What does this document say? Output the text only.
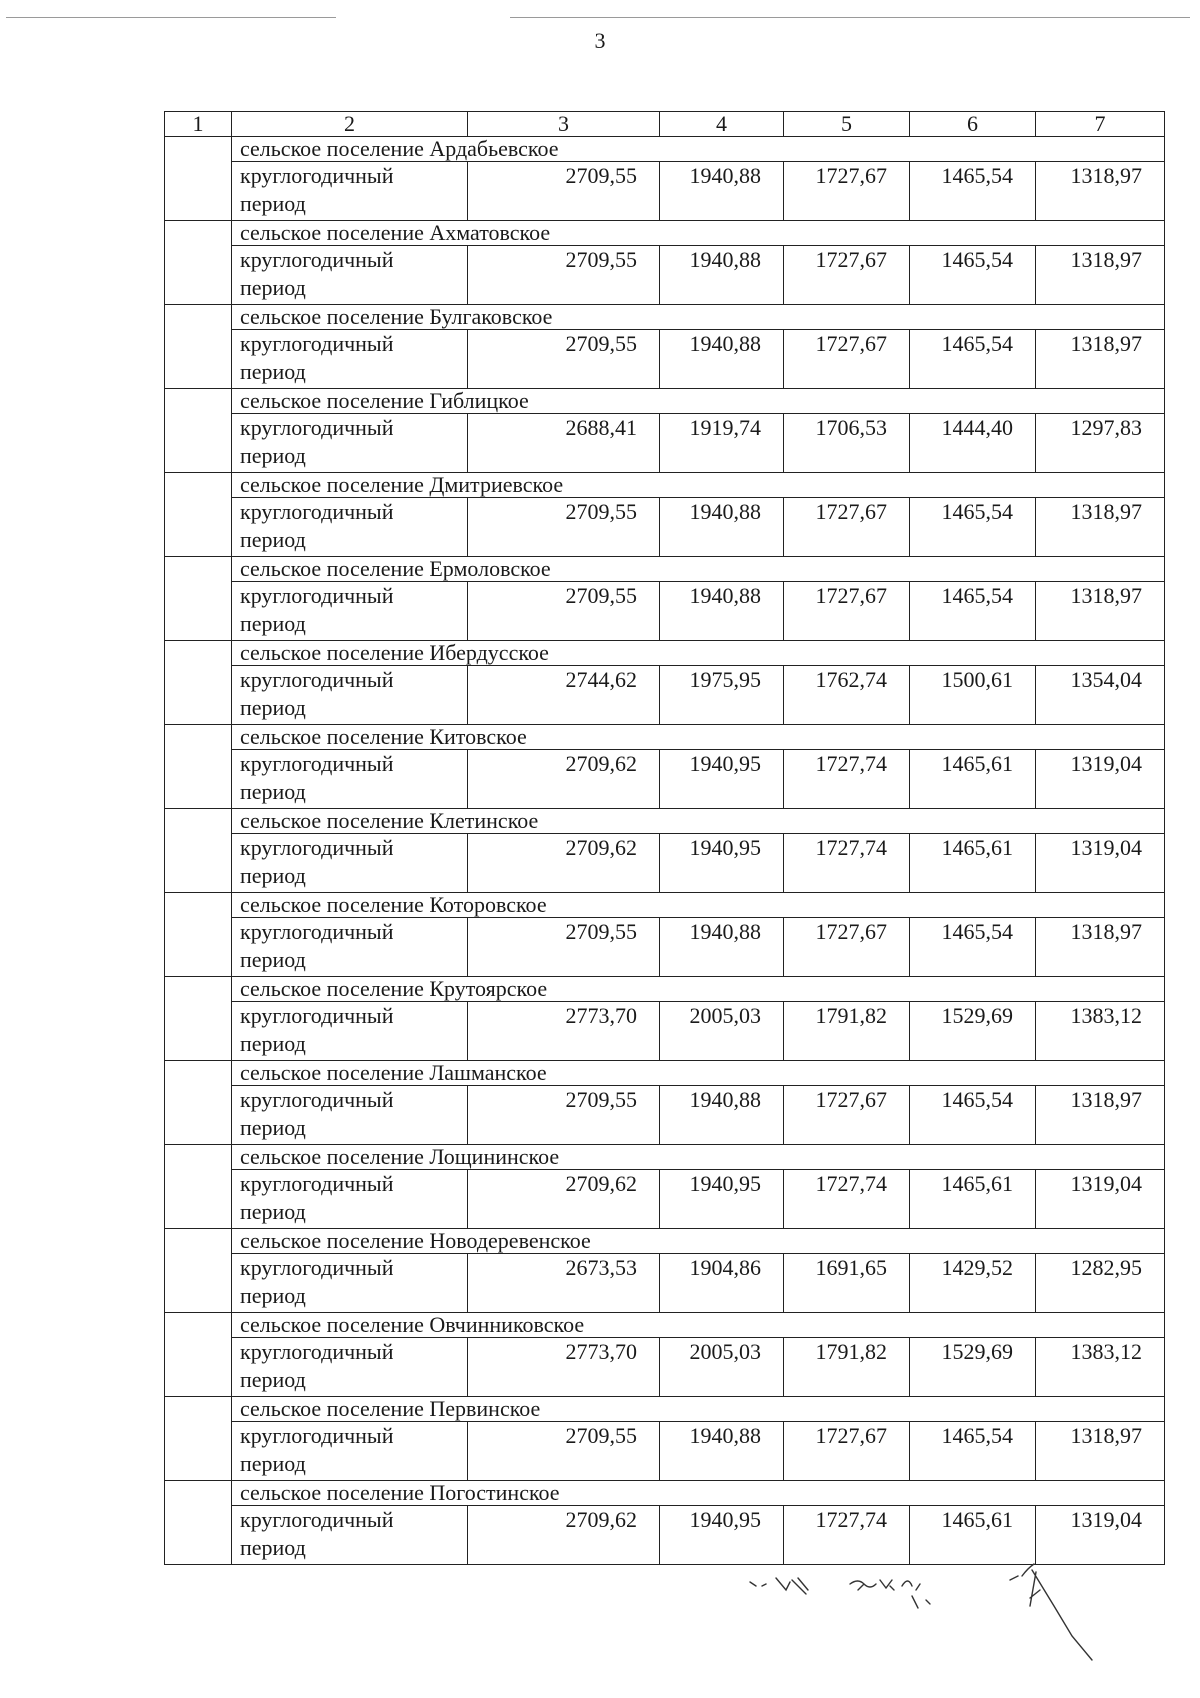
3
1	2	3	4	5	6	7
	сельское поселение Ардабьевское					

	круглогодичный
период	2709,55	1940,88	1727,67	1465,54	1318,97
	сельское поселение Ахматовское					

	круглогодичный
период	2709,55	1940,88	1727,67	1465,54	1318,97
	сельское поселение Булгаковское					

	круглогодичный
период	2709,55	1940,88	1727,67	1465,54	1318,97
	сельское поселение Гиблицкое					

	круглогодичный
период	2688,41	1919,74	1706,53	1444,40	1297,83
	сельское поселение Дмитриевское					

	круглогодичный
период	2709,55	1940,88	1727,67	1465,54	1318,97
	сельское поселение Ермоловское					

	круглогодичный
период	2709,55	1940,88	1727,67	1465,54	1318,97
	сельское поселение Ибердусское					

	круглогодичный
период	2744,62	1975,95	1762,74	1500,61	1354,04
	сельское поселение Китовское					

	круглогодичный
период	2709,62	1940,95	1727,74	1465,61	1319,04
	сельское поселение Клетинское					

	круглогодичный
период	2709,62	1940,95	1727,74	1465,61	1319,04
	сельское поселение Которовское					

	круглогодичный
период	2709,55	1940,88	1727,67	1465,54	1318,97
	сельское поселение Крутоярское					

	круглогодичный
период	2773,70	2005,03	1791,82	1529,69	1383,12
	сельское поселение Лашманское					

	круглогодичный
период	2709,55	1940,88	1727,67	1465,54	1318,97
	сельское поселение Лощининское					

	круглогодичный
период	2709,62	1940,95	1727,74	1465,61	1319,04
	сельское поселение Новодеревенское					

	круглогодичный
период	2673,53	1904,86	1691,65	1429,52	1282,95
	сельское поселение Овчинниковское					

	круглогодичный
период	2773,70	2005,03	1791,82	1529,69	1383,12
	сельское поселение Первинское					

	круглогодичный
период	2709,55	1940,88	1727,67	1465,54	1318,97
	сельское поселение Погостинское					

	круглогодичный
период	2709,62	1940,95	1727,74	1465,61	1319,04
